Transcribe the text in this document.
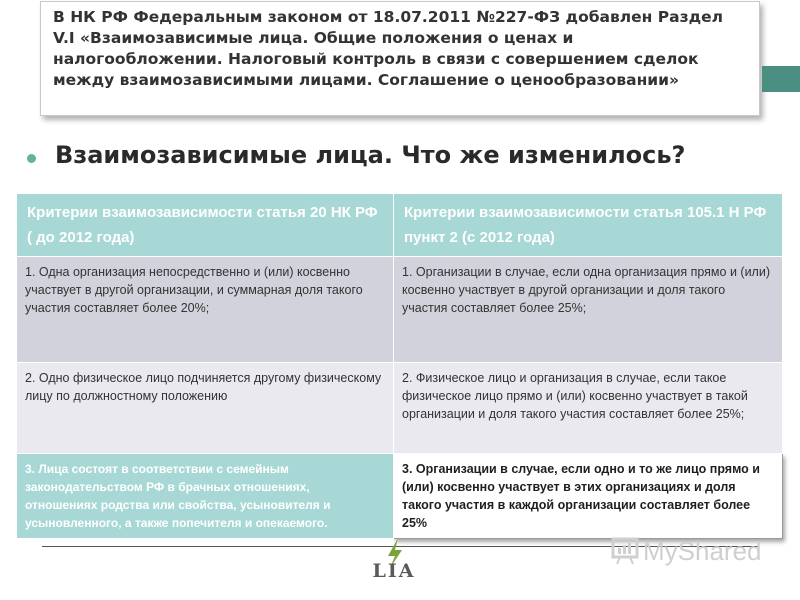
В НК РФ Федеральным законом от 18.07.2011 №227-ФЗ добавлен Раздел V.I «Взаимозависимые лица. Общие положения о ценах и налогообложении. Налоговый контроль в связи с совершением сделок между взаимозависимыми лицами. Соглашение о ценообразовании»

Взаимозависимые лица. Что же изменилось?
Критерии взаимозависимости статья 20 НК РФ ( до 2012 года)	Критерии взаимозависимости статья 105.1 Н РФ пункт 2 (с 2012 года)
1. Одна организация непосредственно и (или) косвенно участвует в другой организации, и суммарная доля такого участия составляет более 20%;	1. Организации в случае, если одна организация прямо и (или) косвенно участвует в другой организации и доля такого участия составляет более 25%;
2. Одно физическое лицо подчиняется другому физическому лицу по должностному положению	2. Физическое лицо и организация в случае, если такое физическое лицо прямо и (или) косвенно участвует в такой организации и доля такого участия составляет более 25%;
3. Лица состоят в соответствии с семейным законодательством РФ в брачных отношениях, отношениях родства или свойства, усыновителя и усыновленного, а также попечителя и опекаемого.	3. Организации в случае, если одно и то же лицо прямо и (или) косвенно участвует в этих организациях и доля такого участия в каждой организации составляет более 25%
LIA
MyShared
